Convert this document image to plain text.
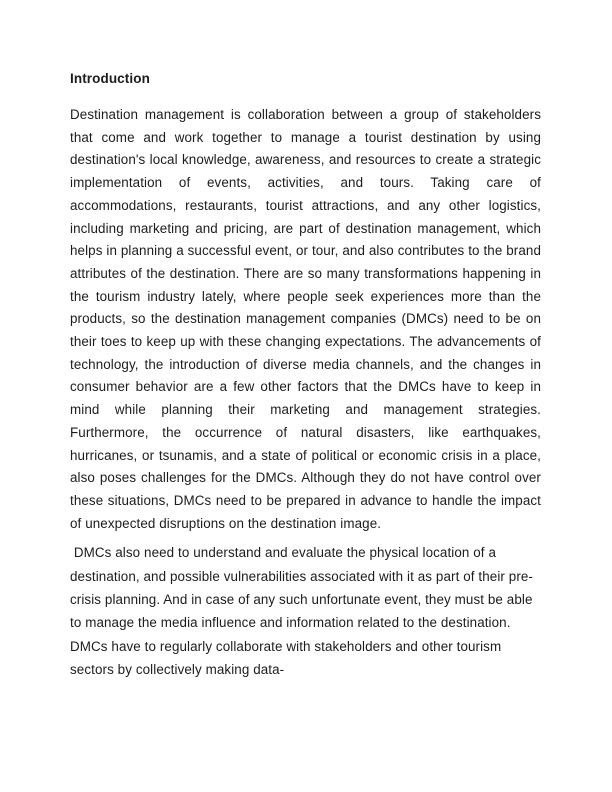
Introduction

Destination management is collaboration between a group of stakeholders that come and work together to manage a tourist destination by using destination's local knowledge, awareness, and resources to create a strategic implementation of events, activities, and tours. Taking care of accommodations, restaurants, tourist attractions, and any other logistics, including marketing and pricing, are part of destination management, which helps in planning a successful event, or tour, and also contributes to the brand attributes of the destination. There are so many transformations happening in the tourism industry lately, where people seek experiences more than the products, so the destination management companies (DMCs) need to be on their toes to keep up with these changing expectations. The advancements of technology, the introduction of diverse media channels, and the changes in consumer behavior are a few other factors that the DMCs have to keep in mind while planning their marketing and management strategies. Furthermore, the occurrence of natural disasters, like earthquakes, hurricanes, or tsunamis, and a state of political or economic crisis in a place, also poses challenges for the DMCs. Although they do not have control over these situations, DMCs need to be prepared in advance to handle the impact of unexpected disruptions on the destination image.

DMCs also need to understand and evaluate the physical location of a destination, and possible vulnerabilities associated with it as part of their pre-crisis planning. And in case of any such unfortunate event, they must be able to manage the media influence and information related to the destination. DMCs have to regularly collaborate with stakeholders and other tourism sectors by collectively making data-
